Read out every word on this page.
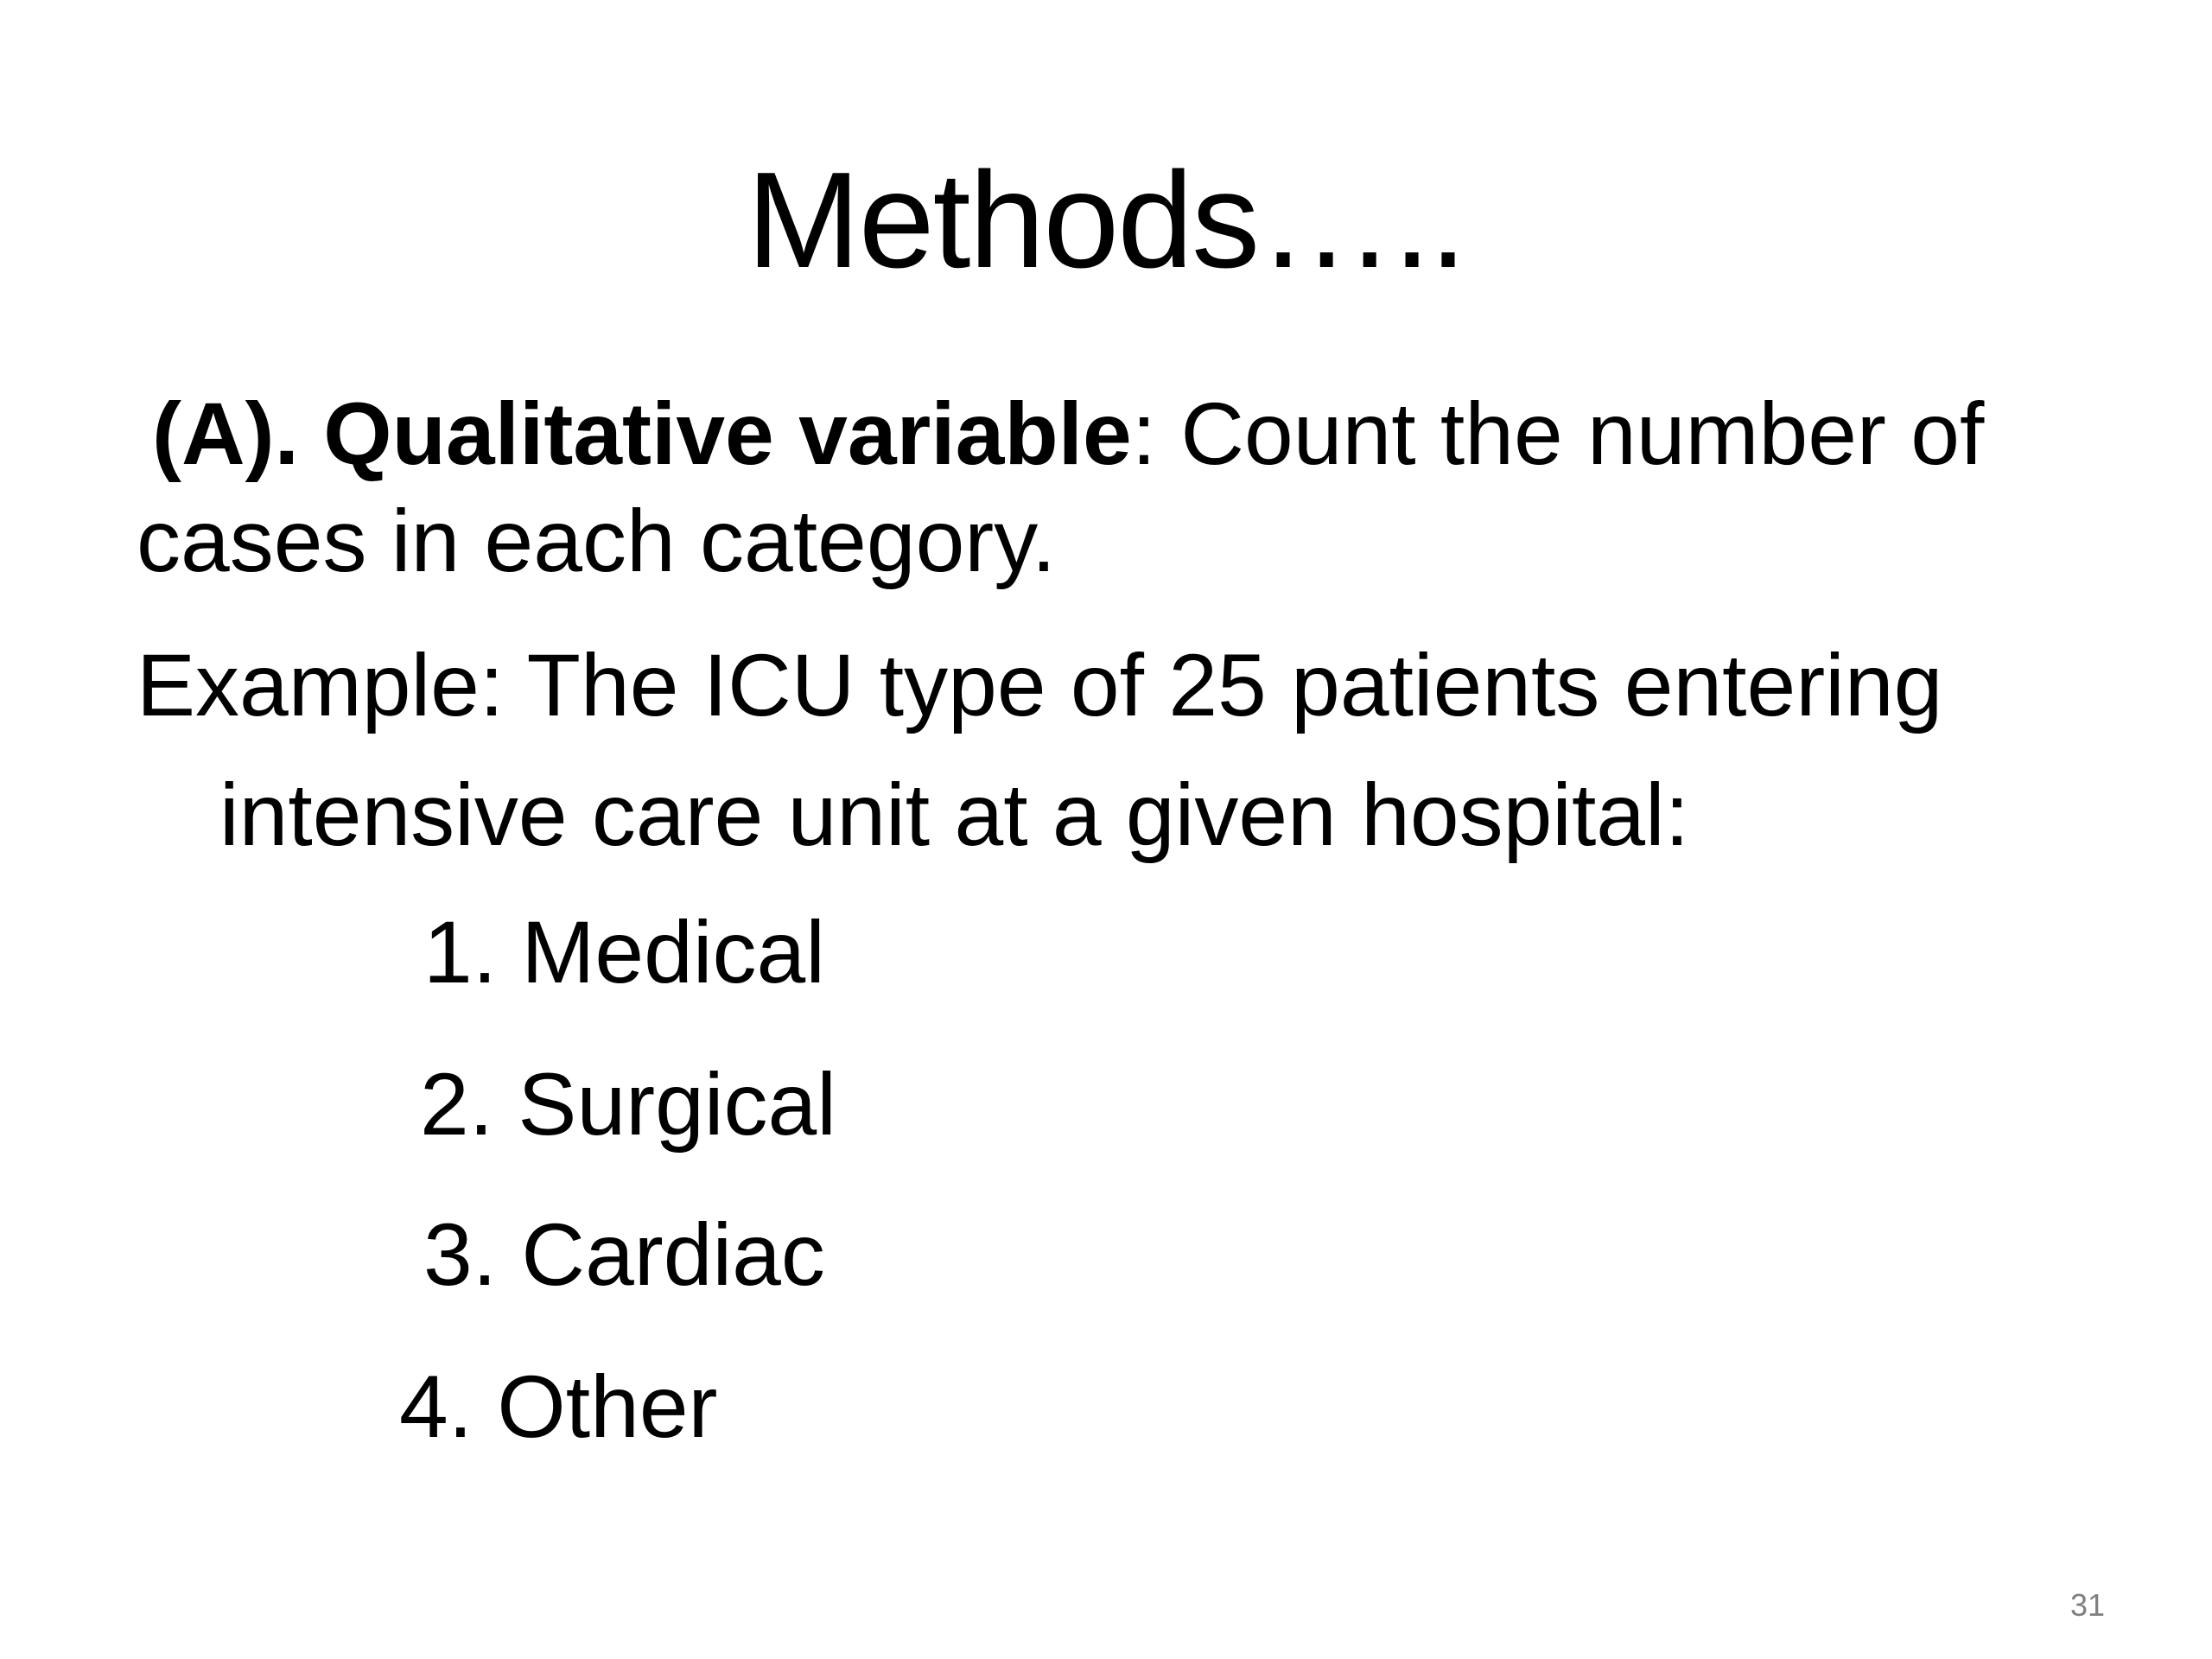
Methods…..

(A). Qualitative variable: Count the number of cases in each category.

Example: The ICU type of 25 patients entering
intensive care unit at a given hospital:

1. Medical
2. Surgical
3. Cardiac
4. Other
31
